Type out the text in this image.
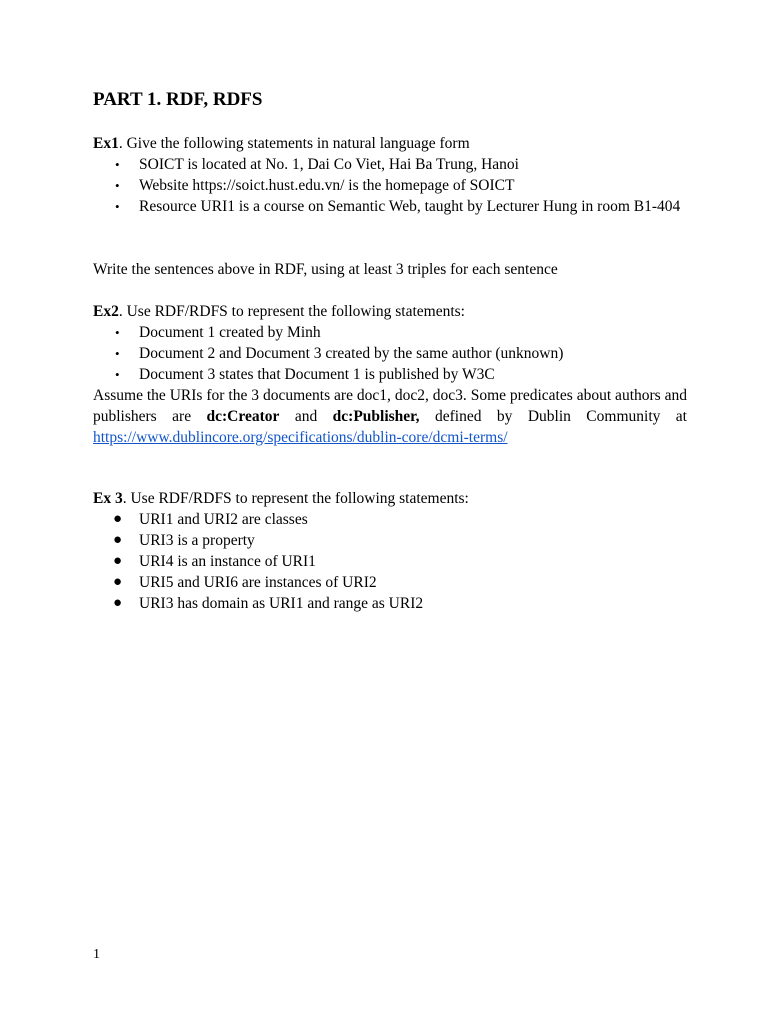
PART 1. RDF, RDFS
Ex1. Give the following statements in natural language form
•	SOICT is located at No. 1, Dai Co Viet, Hai Ba Trung, Hanoi
•	Website https://soict.hust.edu.vn/ is the homepage of SOICT
•	Resource URI1 is a course on Semantic Web, taught by Lecturer Hung in room B1-404
Write the sentences above in RDF, using at least 3 triples for each sentence
Ex2. Use RDF/RDFS to represent the following statements:
•	Document 1 created by Minh
•	Document 2 and Document 3 created by the same author (unknown)
•	Document 3 states that Document 1 is published by W3C
Assume the URIs for the 3 documents are doc1, doc2, doc3. Some predicates about authors and publishers are dc:Creator and dc:Publisher, defined by Dublin Community at https://www.dublincore.org/specifications/dublin-core/dcmi-terms/
Ex 3. Use RDF/RDFS to represent the following statements:
●	URI1 and URI2 are classes
●	URI3 is a property
●	URI4 is an instance of URI1
●	URI5 and URI6 are instances of URI2
●	URI3 has domain as URI1 and range as URI2
1
